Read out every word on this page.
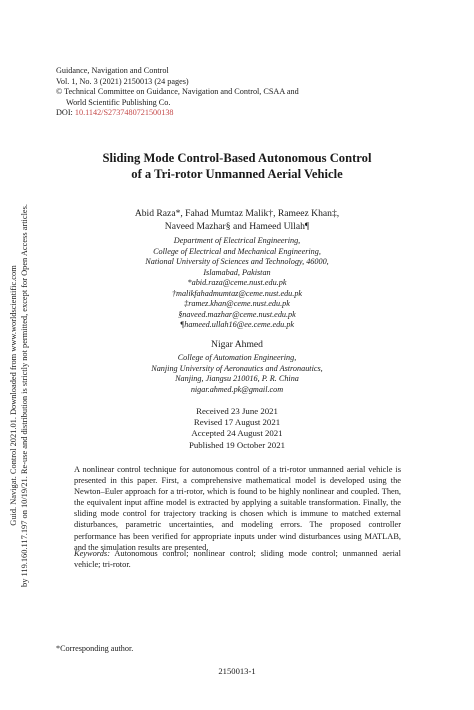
Guid. Navigat. Control 2021.01. Downloaded from www.worldscientific.com by 119.160.117.197 on 10/19/21. Re-use and distribution is strictly not permitted, except for Open Access articles.
Guidance, Navigation and Control
Vol. 1, No. 3 (2021) 2150013 (24 pages)
© Technical Committee on Guidance, Navigation and Control, CSAA and
World Scientific Publishing Co.
DOI: 10.1142/S2737480721500138
Sliding Mode Control-Based Autonomous Control
of a Tri-rotor Unmanned Aerial Vehicle
Abid Raza*, Fahad Mumtaz Malik†, Rameez Khan‡,
Naveed Mazhar§ and Hameed Ullah¶
Department of Electrical Engineering,
College of Electrical and Mechanical Engineering,
National University of Sciences and Technology, 46000,
Islamabad, Pakistan
*abid.raza@ceme.nust.edu.pk
†malikfahadmumtaz@ceme.nust.edu.pk
‡ramez.khan@ceme.nust.edu.pk
§naveed.mazhar@ceme.nust.edu.pk
¶hameed.ullah16@ee.ceme.edu.pk
Nigar Ahmed
College of Automation Engineering,
Nanjing University of Aeronautics and Astronautics,
Nanjing, Jiangsu 210016, P. R. China
nigar.ahmed.pk@gmail.com
Received 23 June 2021
Revised 17 August 2021
Accepted 24 August 2021
Published 19 October 2021
A nonlinear control technique for autonomous control of a tri-rotor unmanned aerial vehicle is presented in this paper. First, a comprehensive mathematical model is developed using the Newton–Euler approach for a tri-rotor, which is found to be highly nonlinear and coupled. Then, the equivalent input affine model is extracted by applying a suitable transformation. Finally, the sliding mode control for trajectory tracking is chosen which is immune to matched external disturbances, parametric uncertainties, and modeling errors. The proposed controller performance has been verified for appropriate inputs under wind disturbances using MATLAB, and the simulation results are presented.
Keywords: Autonomous control; nonlinear control; sliding mode control; unmanned aerial vehicle; tri-rotor.
*Corresponding author.
2150013-1
